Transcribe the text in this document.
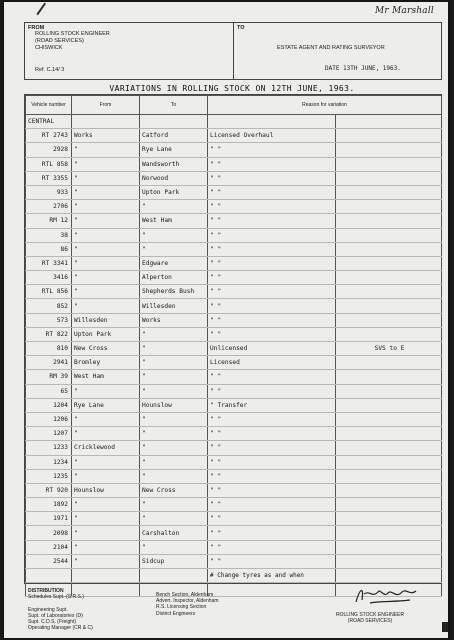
Mr Marshall
FROM
ROLLING STOCK ENGINEER
(ROAD SERVICES)
CHISWICK
Ref. C.14/ 3
TO
ESTATE AGENT AND RATING SURVEYOR
DATE 13TH JUNE, 1963.
VARIATIONS IN ROLLING STOCK ON 12TH JUNE, 1963.
Vehicle number	From	To	Reason for variation	
CENTRAL				
RT 2743	Works	Catford	Licensed Overhaul	
2928	"	Rye Lane	" "	
RTL 858	"	Wandsworth	" "	
RT 3355	"	Norwood	" "	
933	"	Upton Park	" "	
2706	"	"	" "	
RM 12	"	West Ham	" "	
38	"	"	" "	
86	"	"	" "	
RT 3341	"	Edgware	" "	
3416	"	Alperton	" "	
RTL 856	"	Shepherds Bush	" "	
852	"	Willesden	" "	
573	Willesden	Works	" "	
RT 822	Upton Park	"	" "	
810	New Cross	"	Unlicensed	SVS to E
2941	Bromley	"	Licensed	
RM 39	West Ham	"	" "	
65	"	"	" "	
1204	Rye Lane	Hounslow	" Transfer	
1206	"	"	" "	
1207	"	"	" "	
1233	Cricklewood	"	" "	
1234	"	"	" "	
1235	"	"	" "	
RT 920	Hounslow	New Cross	" "	
1892	"	"	" "	
1971	"	"	" "	
2098	"	Carshalton	" "	
2104	"	"	" "	
2544	"	Sidcup	" "	

# Change tyres as and when
DISTRIBUTION
Schedules Supt.-(S.R.S.)

Engineering Supt.
Supt. of Laboratories (D)
Supt. C.D.S. (Freight)
Operating Manager (CR & C)
Bench Section, Aldenham
Advert. Inspector, Aldenham
R.S. Licensing Section
District Engineers	ROLLING STOCK ENGINEER
(ROAD SERVICES)
